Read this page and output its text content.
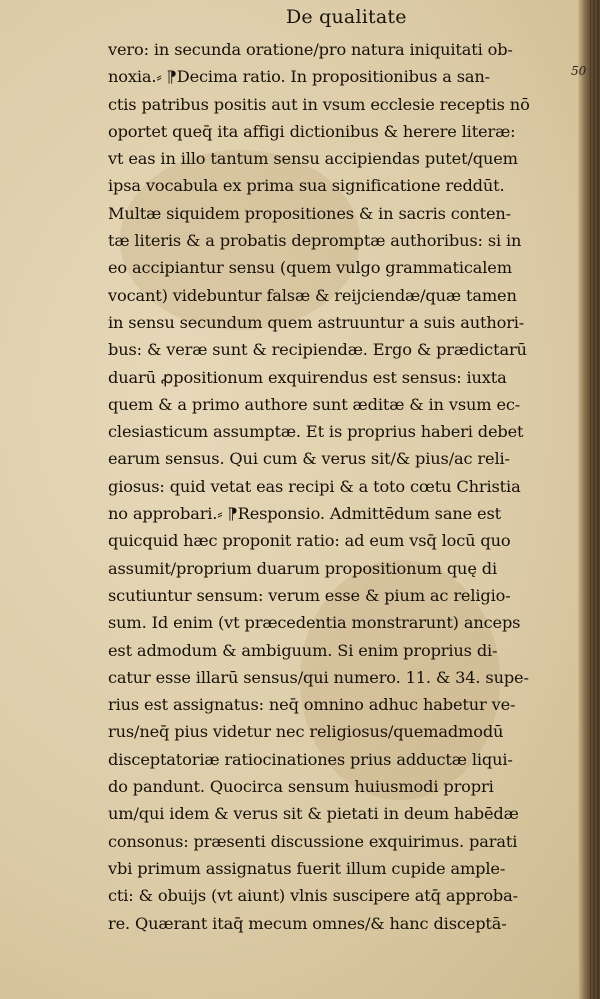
De qualitate
50
vero: in secunda oratione/pro natura iniquitati ob-
noxia.⸗ ⁋Decima ratio. In propositionibus a san-
ctis patribus positis aut in vsum ecclesie receptis nō
oportet queq̄ ita affigi dictionibus & herere literæ:
vt eas in illo tantum sensu accipiendas putet/quem
ipsa vocabula ex prima sua significatione reddūt.
Multæ siquidem propositiones & in sacris conten-
tæ literis & a probatis depromptæ authoribus: si in
eo accipiantur sensu (quem vulgo grammaticalem
vocant) videbuntur falsæ & reijciendæ/quæ tamen
in sensu secundum quem astruuntur a suis authori-
bus: & veræ sunt & recipiendæ. Ergo & prædictarū
duarū ꝓpositionum exquirendus est sensus: iuxta
quem & a primo authore sunt æditæ & in vsum ec-
clesiasticum assumptæ. Et is proprius haberi debet
earum sensus. Qui cum & verus sit/& pius/ac reli-
giosus: quid vetat eas recipi & a toto cœtu Christia
no approbari.⸗ ⁋Responsio. Admittēdum sane est
quicquid hæc proponit ratio: ad eum vsq̄ locū quo
assumit/proprium duarum propositionum quę di
scutiuntur sensum: verum esse & pium ac religio-
sum. Id enim (vt præcedentia monstrarunt) anceps
est admodum & ambiguum. Si enim proprius di-
catur esse illarū sensus/qui numero. 11. & 34. supe-
rius est assignatus: neq̄ omnino adhuc habetur ve-
rus/neq̄ pius videtur nec religiosus/quemadmodū
disceptatoriæ ratiocinationes prius adductæ liqui-
do pandunt. Quocirca sensum huiusmodi propri
um/qui idem & verus sit & pietati in deum habēdæ
consonus: præsenti discussione exquirimus. parati
vbi primum assignatus fuerit illum cupide ample-
cti: & obuijs (vt aiunt) vlnis suscipere atq̄ approba-
re. Quærant itaq̄ mecum omnes/& hanc disceptā-
